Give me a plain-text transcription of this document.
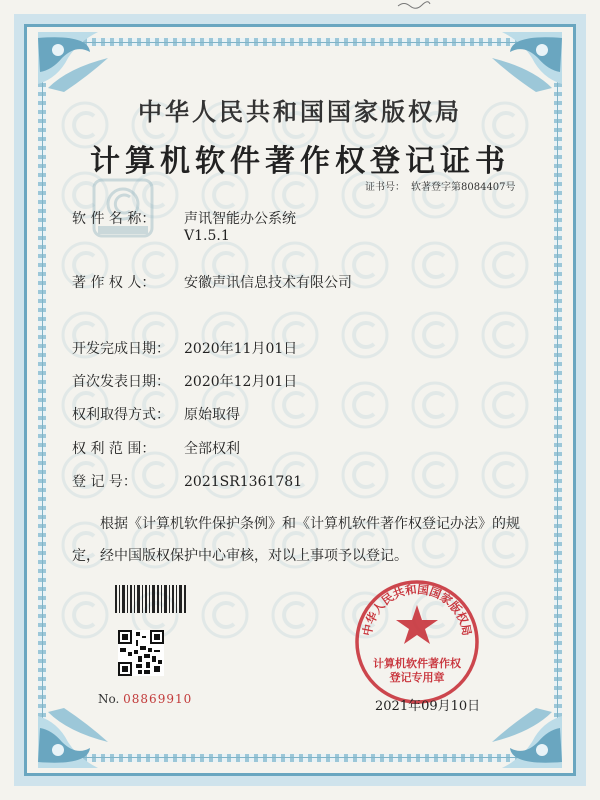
中华人民共和国国家版权局
计算机软件著作权登记证书
证书号： 软著登字第8084407号
软 件 名 称： 声讯智能办公系统
V1.5.1
著 作 权 人： 安徽声讯信息技术有限公司
开发完成日期： 2020年11月01日
首次发表日期： 2020年12月01日
权利取得方式： 原始取得
权 利 范 围： 全部权利
登 记 号：	2021SR1361781
根据《计算机软件保护条例》和《计算机软件著作权登记办法》的规定，经中国版权保护中心审核，对以上事项予以登记。
No. 08869910
中华人民共和国国家版权局
计算机软件著作权
登记专用章
2021年09月10日
